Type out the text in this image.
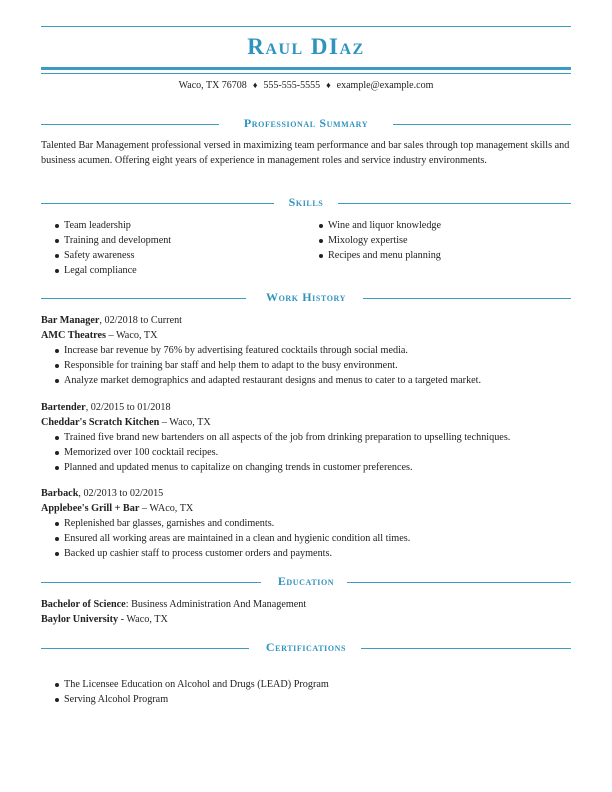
Raul DIaz
Waco, TX 76708 ♦ 555-555-5555 ♦ example@example.com
Professional Summary
Talented Bar Management professional versed in maximizing team performance and bar sales through top management skills and business acumen. Offering eight years of experience in management roles and service industry environments.
Skills
Team leadership
Training and development
Safety awareness
Legal compliance
Wine and liquor knowledge
Mixology expertise
Recipes and menu planning
Work History
Bar Manager, 02/2018 to Current
AMC Theatres – Waco, TX
Increase bar revenue by 76% by advertising featured cocktails through social media.
Responsible for training bar staff and help them to adapt to the busy environment.
Analyze market demographics and adapted restaurant designs and menus to cater to a targeted market.
Bartender, 02/2015 to 01/2018
Cheddar's Scratch Kitchen – Waco, TX
Trained five brand new bartenders on all aspects of the job from drinking preparation to upselling techniques.
Memorized over 100 cocktail recipes.
Planned and updated menus to capitalize on changing trends in customer preferences.
Barback, 02/2013 to 02/2015
Applebee's Grill + Bar – WAco, TX
Replenished bar glasses, garnishes and condiments.
Ensured all working areas are maintained in a clean and hygienic condition all times.
Backed up cashier staff to process customer orders and payments.
Education
Bachelor of Science: Business Administration And Management
Baylor University - Waco, TX
Certifications
The Licensee Education on Alcohol and Drugs (LEAD) Program
Serving Alcohol Program
